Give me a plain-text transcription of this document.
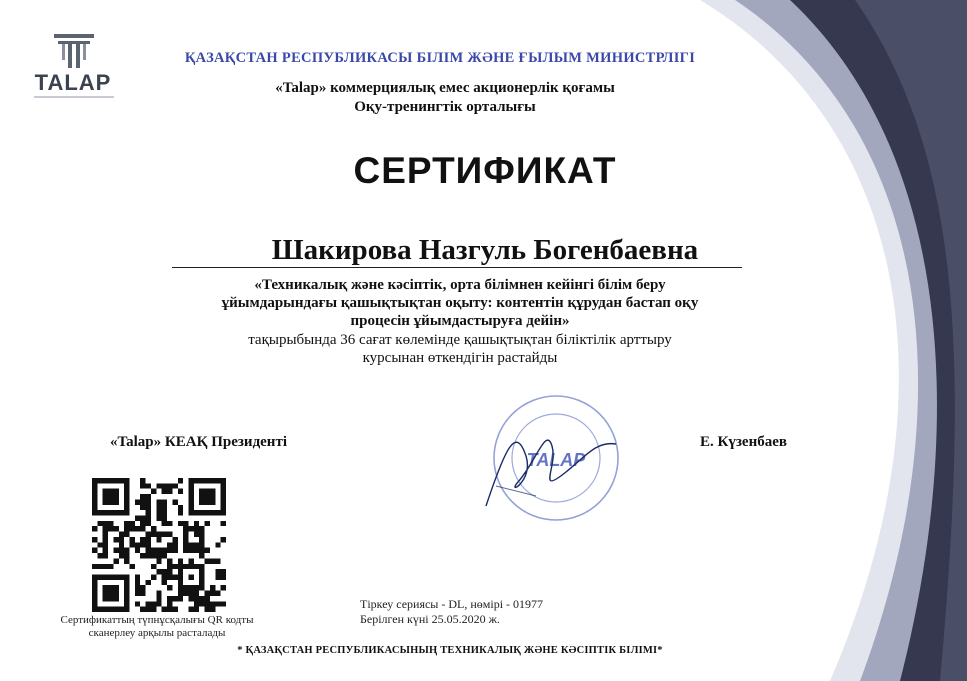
TALAP
ҚАЗАҚСТАН РЕСПУБЛИКАСЫ БІЛІМ ЖӘНЕ ҒЫЛЫМ МИНИСТРЛІГІ
«Talap» коммерциялық емес акционерлік қоғамы
Оқу-тренингтік орталығы
СЕРТИФИКАТ
Шакирова Назгуль Богенбаевна
«Техникалық және кәсіптік, орта білімнен кейінгі білім беру
ұйымдарындағы қашықтықтан оқыту: контентін құрудан бастап оқу
процесін ұйымдастыруға дейін»
тақырыбында 36 сағат көлемінде қашықтықтан біліктілік арттыру
курсынан өткендігін растайды
«Talap» КЕАҚ Президенті	Е. Күзенбаев
TALAP
Сертификаттың түпнұсқалығы QR кодты
сканерлеу арқылы расталады
Тіркеу сериясы - DL, нөмірі - 01977
Берілген күні 25.05.2020 ж.
* ҚАЗАҚСТАН РЕСПУБЛИКАСЫНЫҢ ТЕХНИКАЛЫҚ ЖӘНЕ КӘСІПТІК БІЛІМІ*
